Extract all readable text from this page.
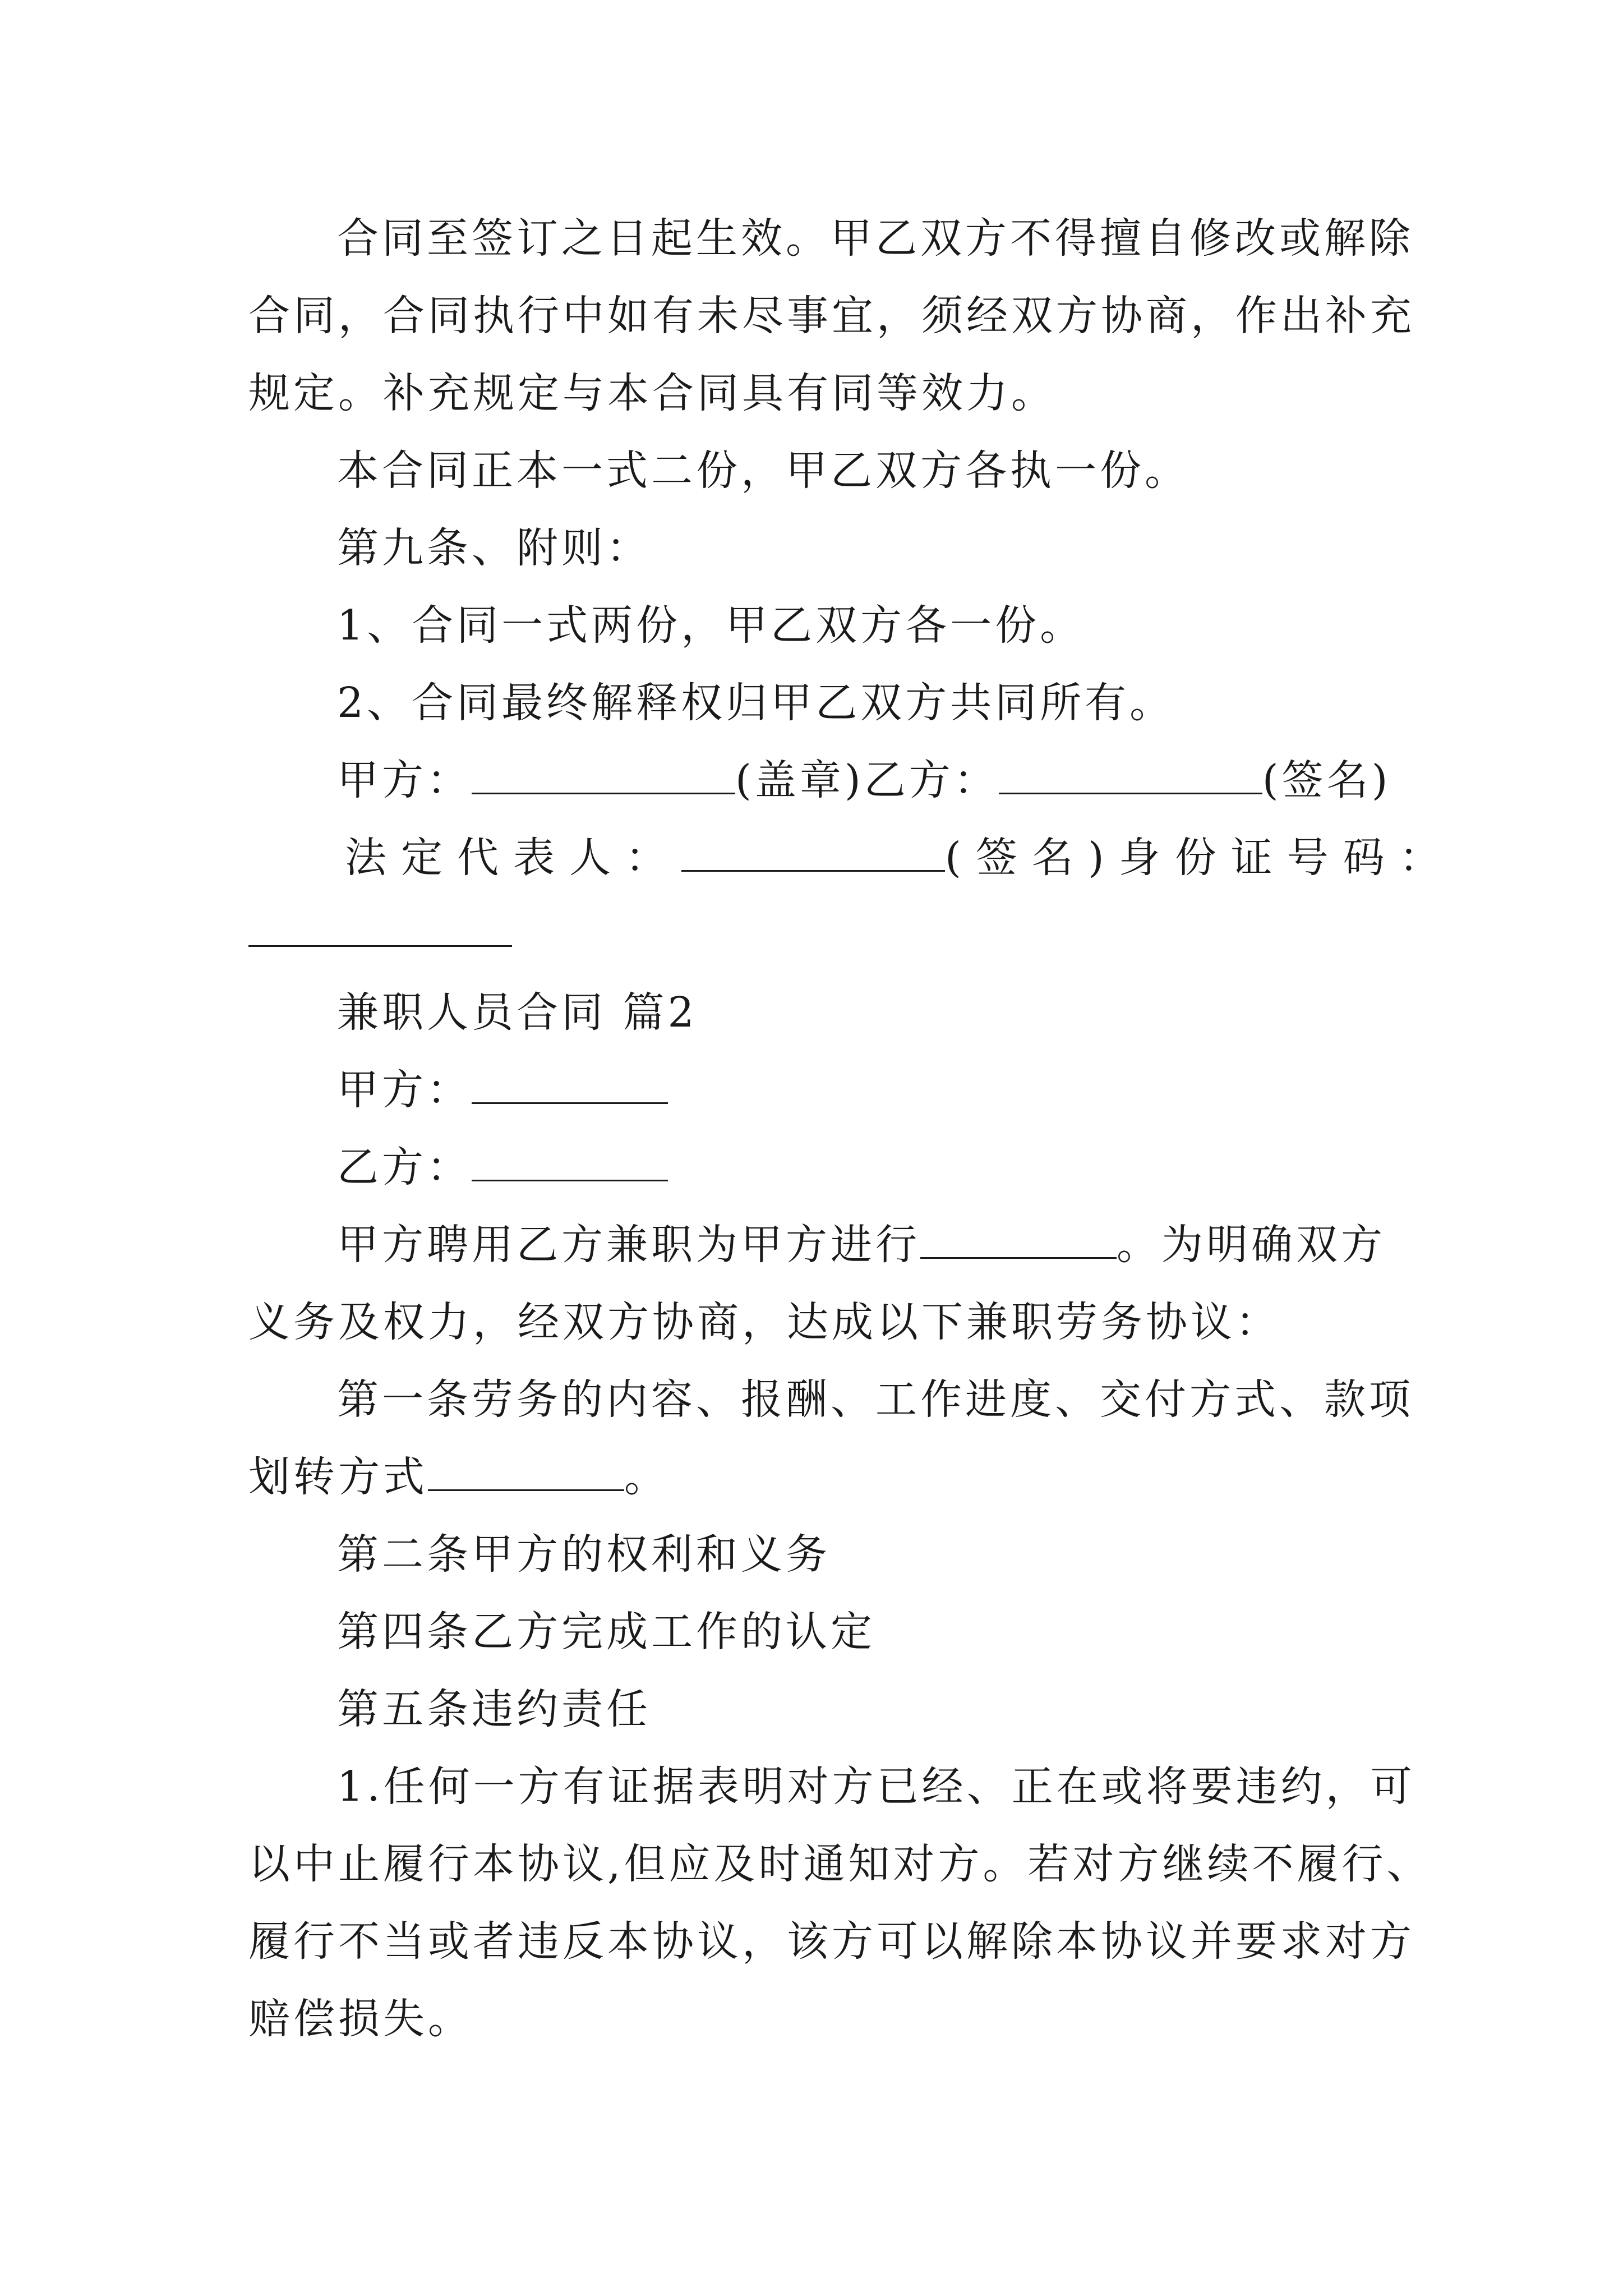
合同至签订之日起生效。甲乙双方不得擅自修改或解除
合同，合同执行中如有未尽事宜，须经双方协商，作出补充
规定。补充规定与本合同具有同等效力。
本合同正本一式二份，甲乙双方各执一份。
第九条、附则：
1、合同一式两份，甲乙双方各一份。
2、合同最终解释权归甲乙双方共同所有。
甲方：	(盖章)乙方：	(签名)
法定代表人：	(签名)身份证号码：
兼职人员合同 篇2
甲方：
乙方：
甲方聘用乙方兼职为甲方进行	。为明确双方
义务及权力，经双方协商，达成以下兼职劳务协议：
第一条劳务的内容、报酬、工作进度、交付方式、款项
划转方式	。
第二条甲方的权利和义务
第四条乙方完成工作的认定
第五条违约责任
1.任何一方有证据表明对方已经、正在或将要违约，可
以中止履行本协议,但应及时通知对方。若对方继续不履行、
履行不当或者违反本协议，该方可以解除本协议并要求对方
赔偿损失。
